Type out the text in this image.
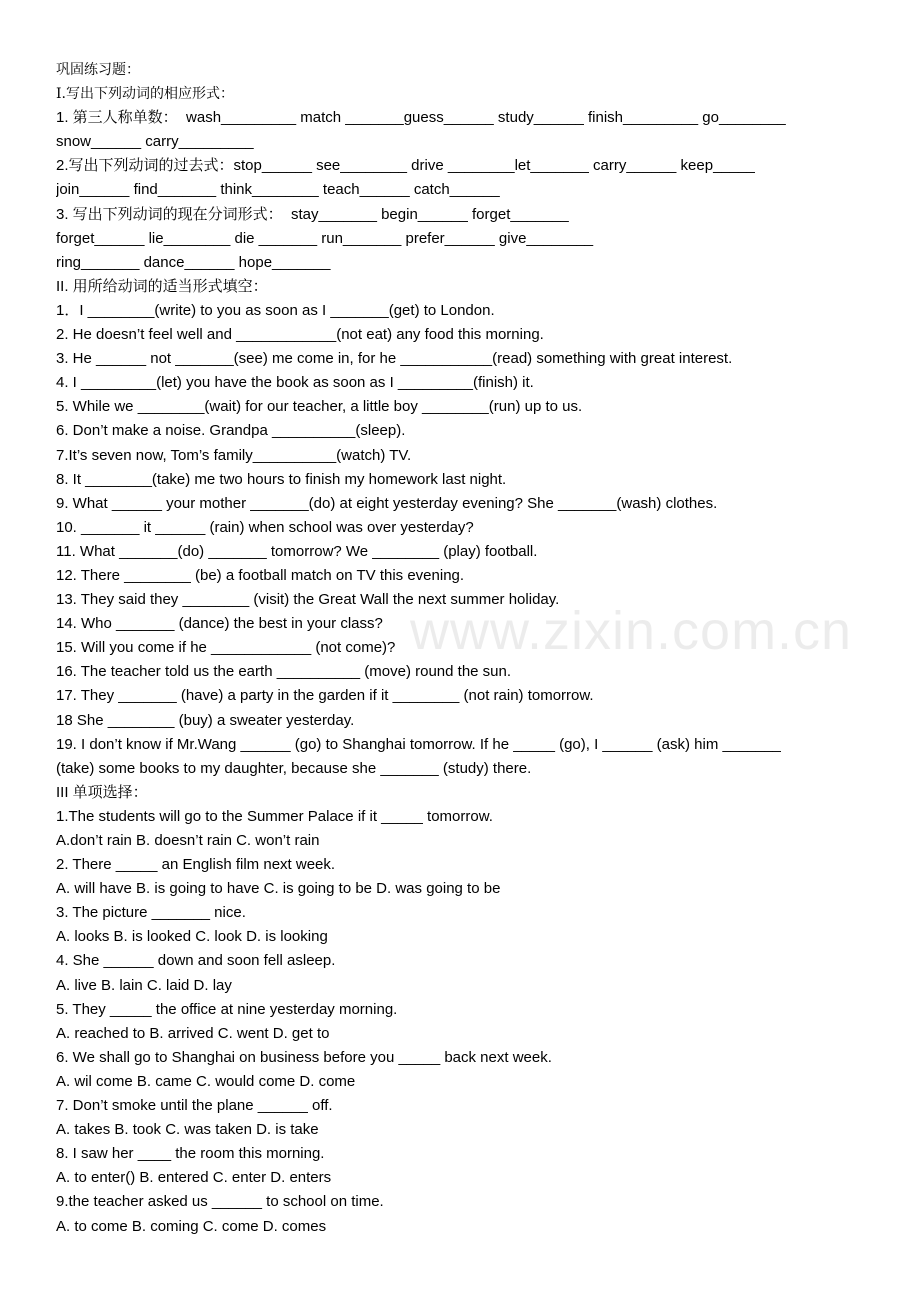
巩固练习题：
I.写出下列动词的相应形式：
1. 第三人称单数：  wash_________ match _______guess______ study______ finish_________ go________
snow______ carry_________
2.写出下列动词的过去式：stop______ see________ drive ________let_______ carry______ keep_____
join______ find_______ think________ teach______ catch______
3. 写出下列动词的现在分词形式：  stay_______ begin______ forget_______
forget______ lie________ die _______ run_______ prefer______ give________
ring_______ dance______ hope_______
II. 用所给动词的适当形式填空：
1．I ________(write) to you as soon as I _______(get) to London.
2. He doesn’t feel well and ____________(not eat) any food this morning.
3. He ______ not _______(see) me come in, for he ___________(read) something with great interest.
4. I _________(let) you have the book as soon as I _________(finish) it.
5. While we ________(wait) for our teacher, a little boy ________(run) up to us.
6. Don’t make a noise. Grandpa __________(sleep).
7.It’s seven now, Tom’s family__________(watch) TV.
8. It ________(take) me two hours to finish my homework last night.
9. What ______ your mother _______(do) at eight yesterday evening? She _______(wash) clothes.
10. _______ it ______ (rain) when school was over yesterday?
11. What _______(do) _______ tomorrow? We ________ (play) football.
12. There ________ (be) a football match on TV this evening.
13. They said they ________ (visit) the Great Wall the next summer holiday.
14. Who _______ (dance) the best in your class?
15. Will you come if he ____________ (not come)?
16. The teacher told us the earth __________ (move) round the sun.
17. They _______ (have) a party in the garden if it ________ (not rain) tomorrow.
18 She ________ (buy) a sweater yesterday.
19. I don’t know if Mr.Wang ______ (go) to Shanghai tomorrow. If he _____ (go), I ______ (ask) him _______
(take) some books to my daughter, because she _______ (study) there.
III 单项选择：
1.The students will go to the Summer Palace if it _____ tomorrow.
A.don’t rain B. doesn’t rain C. won’t rain
2. There _____ an English film next week.
A. will have B. is going to have C. is going to be D. was going to be
3. The picture _______ nice.
A. looks B. is looked C. look D. is looking
4. She ______ down and soon fell asleep.
A. live B. lain C. laid D. lay
5. They _____ the office at nine yesterday morning.
A. reached to B. arrived C. went D. get to
6. We shall go to Shanghai on business before you _____ back next week.
A. wil come B. came C. would come D. come
7. Don’t smoke until the plane ______ off.
A. takes B. took C. was taken D. is take
8. I saw her ____ the room this morning.
A. to enter() B. entered C. enter D. enters
9.the teacher asked us ______ to school on time.
A. to come B. coming C. come D. comes
www.zixin.com.cn
